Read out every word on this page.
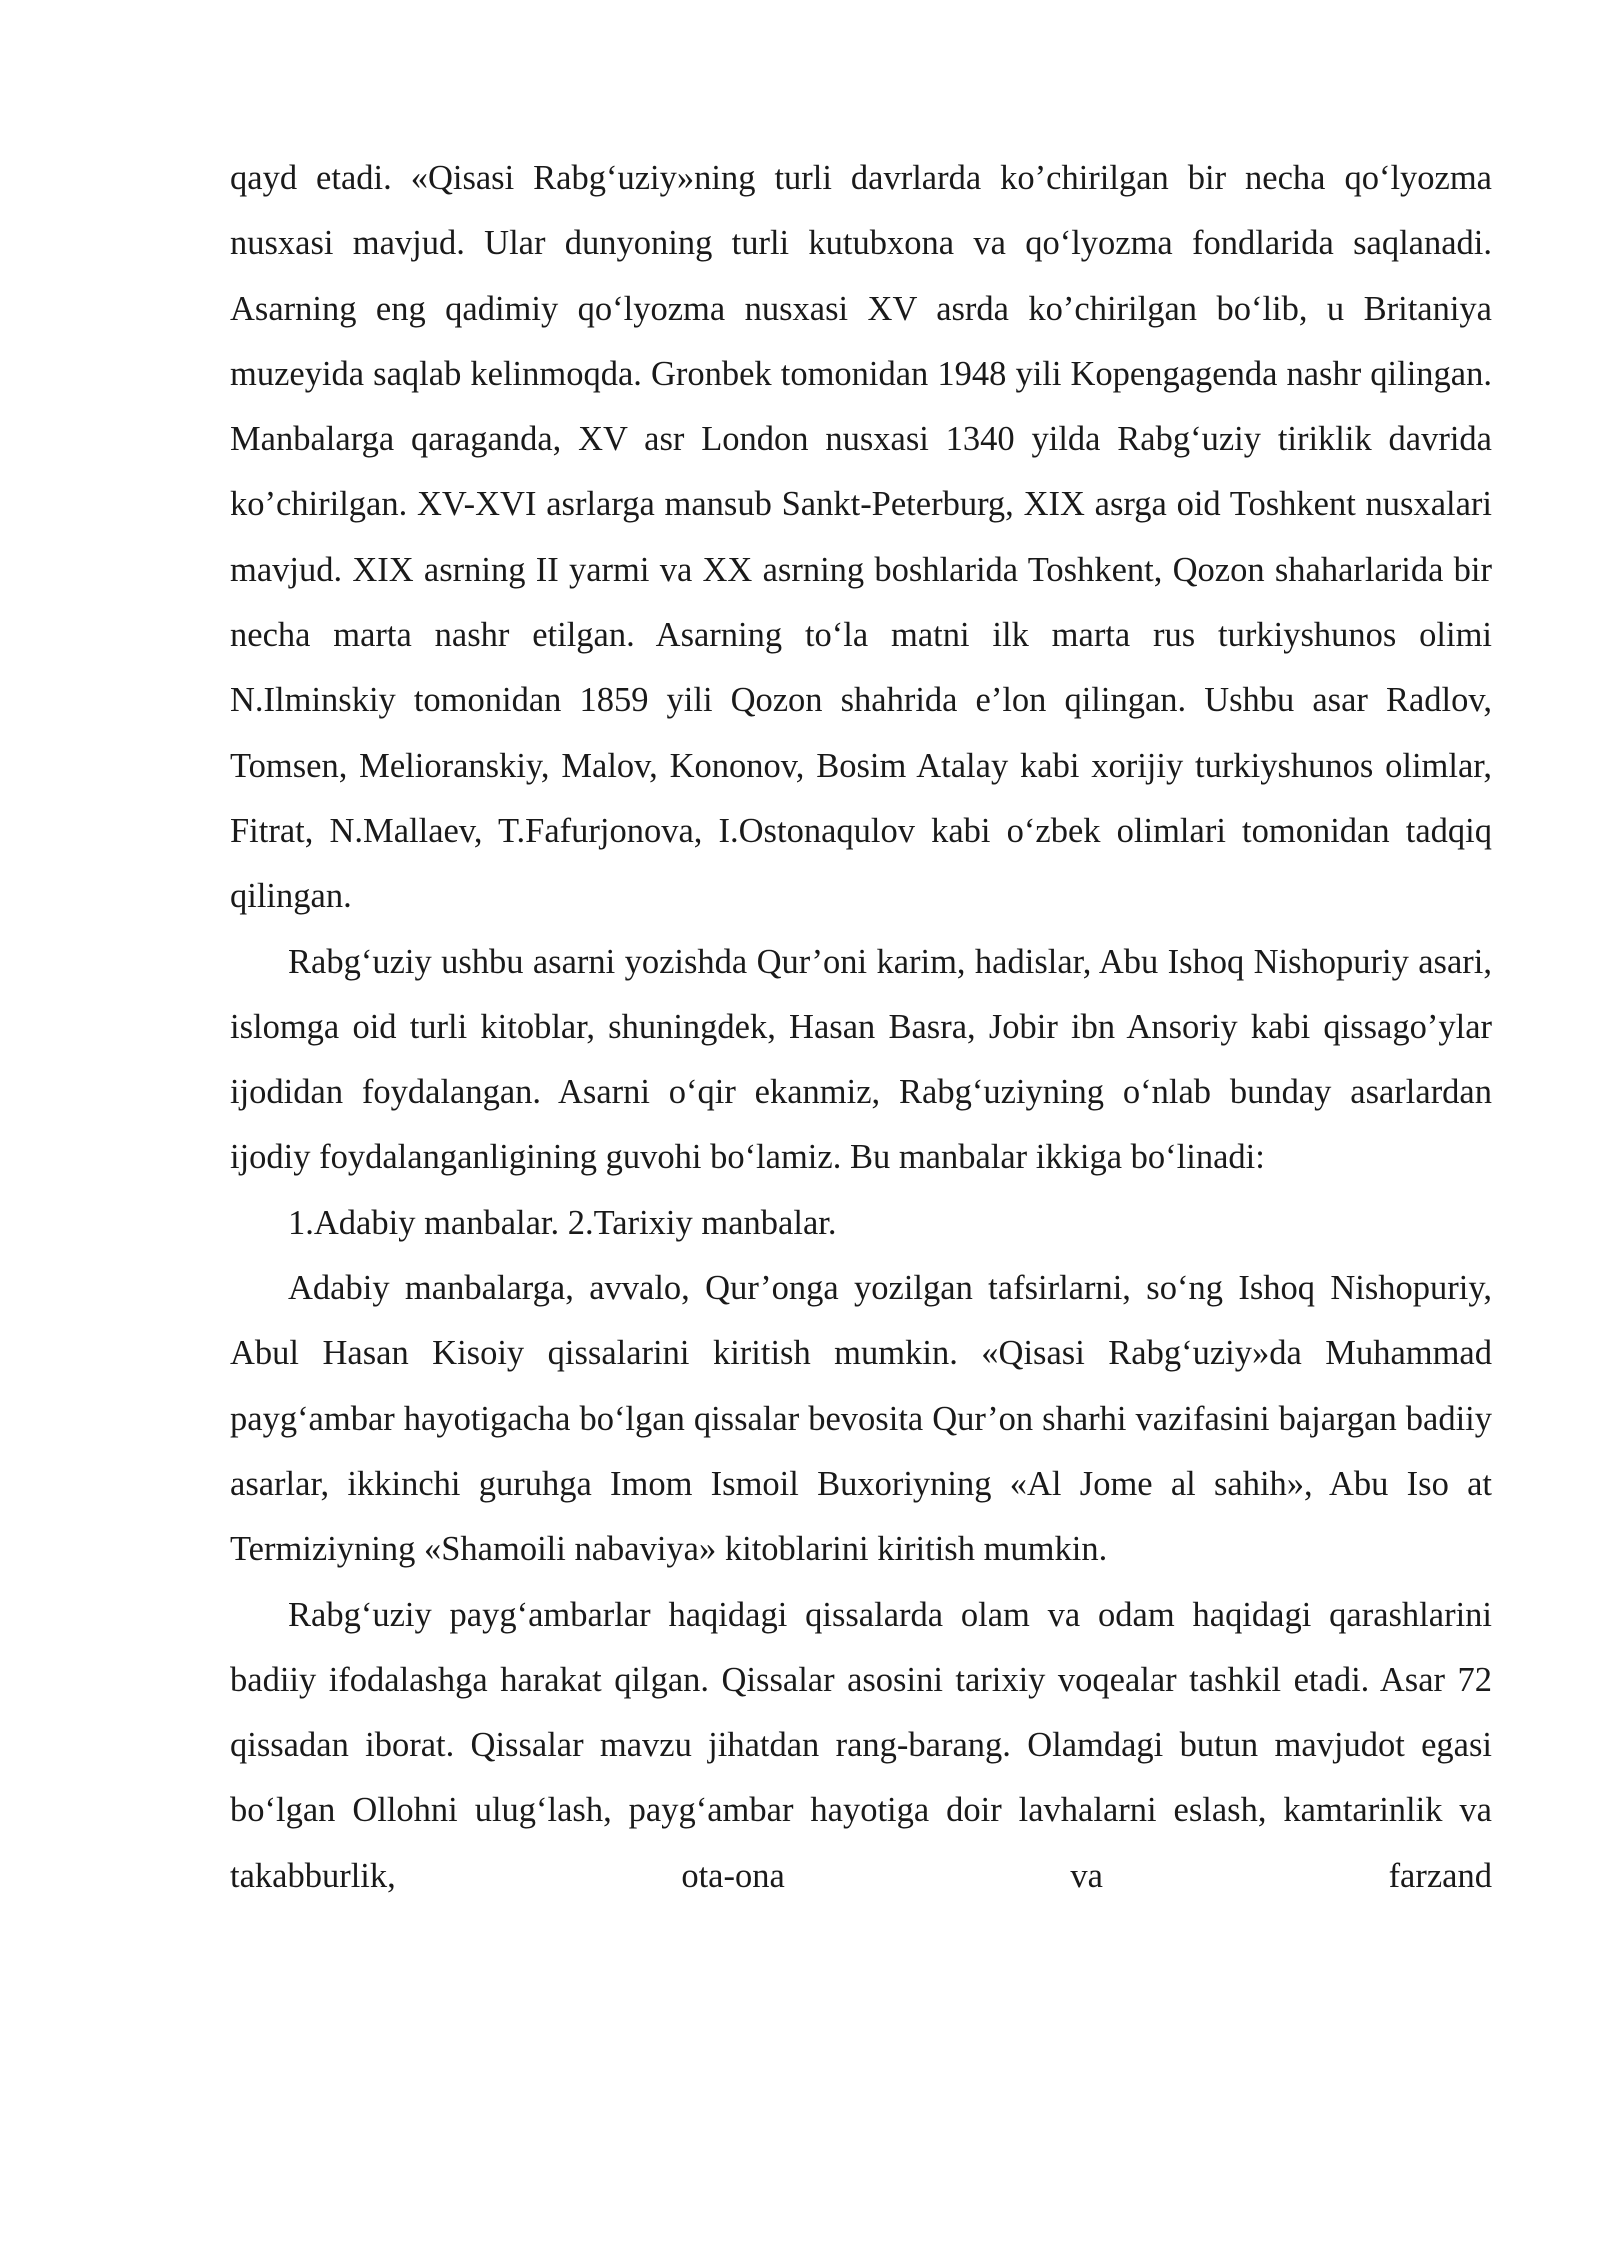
qayd etadi. «Qisasi Rabg‘uziy»ning turli davrlarda ko’chirilgan bir necha qo‘lyozma nusxasi mavjud. Ular dunyoning turli kutubxona va qo‘lyozma fondlarida saqlanadi. Asarning eng qadimiy qo‘lyozma nusxasi XV asrda ko’chirilgan bo‘lib, u Britaniya muzeyida saqlab kelinmoqda. Gronbek tomonidan 1948 yili Kopengagenda nashr qilingan. Manbalarga qaraganda, XV asr London nusxasi 1340 yilda Rabg‘uziy tiriklik davrida ko’chirilgan. XV-XVI asrlarga mansub Sankt-Peterburg, XIX asrga oid Toshkent nusxalari mavjud. XIX asrning II yarmi va XX asrning boshlarida Toshkent, Qozon shaharlarida bir necha marta nashr etilgan. Asarning to‘la matni ilk marta rus turkiyshunos olimi N.Ilminskiy tomonidan 1859 yili Qozon shahrida e’lon qilingan. Ushbu asar Radlov, Tomsen, Melioranskiy, Malov, Kononov, Bosim Atalay kabi xorijiy turkiyshunos olimlar, Fitrat, N.Mallaev, T.Fafurjonova, I.Ostonaqulov kabi o‘zbek olimlari tomonidan tadqiq qilingan.

Rabg‘uziy ushbu asarni yozishda Qur’oni karim, hadislar, Abu Ishoq Nishopuriy asari, islomga oid turli kitoblar, shuningdek, Hasan Basra, Jobir ibn Ansoriy kabi qissago’ylar ijodidan foydalangan. Asarni o‘qir ekanmiz, Rabg‘uziyning o‘nlab bunday asarlardan ijodiy foydalanganligining guvohi bo‘lamiz. Bu manbalar ikkiga bo‘linadi:

1.Adabiy manbalar. 2.Tarixiy manbalar.

Adabiy manbalarga, avvalo, Qur’onga yozilgan tafsirlarni, so‘ng Ishoq Nishopuriy, Abul Hasan Kisoiy qissalarini kiritish mumkin. «Qisasi Rabg‘uziy»da Muhammad payg‘ambar hayotigacha bo‘lgan qissalar bevosita Qur’on sharhi vazifasini bajargan badiiy asarlar, ikkinchi guruhga Imom Ismoil Buxoriyning «Al Jome al sahih», Abu Iso at Termiziyning «Shamoili nabaviya» kitoblarini kiritish mumkin.

Rabg‘uziy payg‘ambarlar haqidagi qissalarda olam va odam haqidagi qarashlarini badiiy ifodalashga harakat qilgan. Qissalar asosini tarixiy voqealar tashkil etadi. Asar 72 qissadan iborat. Qissalar mavzu jihatdan rang-barang. Olamdagi butun mavjudot egasi bo‘lgan Ollohni ulug‘lash, payg‘ambar hayotiga doir lavhalarni eslash, kamtarinlik va takabburlik, ota-ona va farzand
